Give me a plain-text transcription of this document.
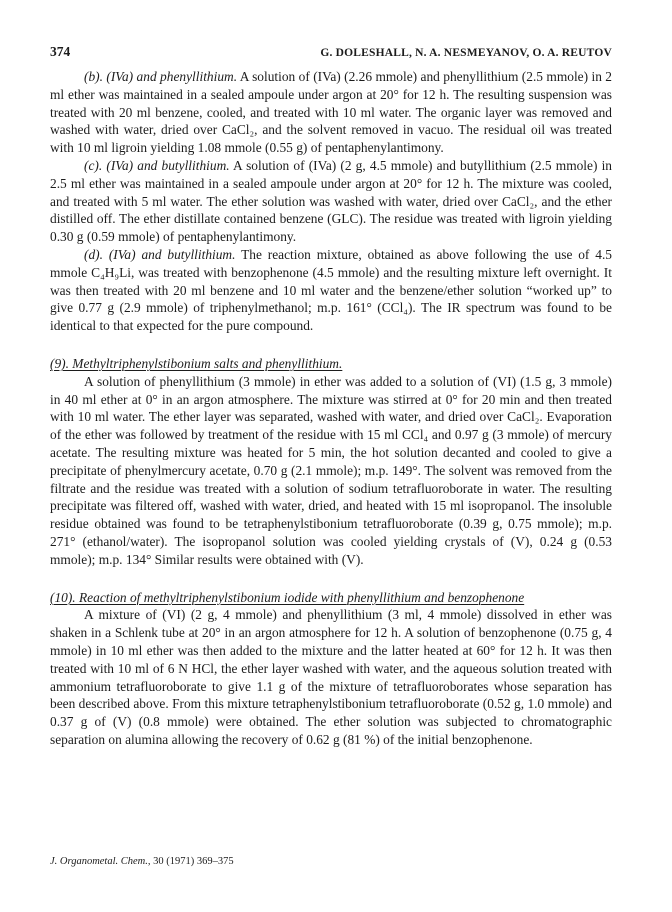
374	G. DOLESHALL, N. A. NESMEYANOV, O. A. REUTOV

(b). (IVa) and phenyllithium. A solution of (IVa) (2.26 mmole) and phenyllithium (2.5 mmole) in 2 ml ether was maintained in a sealed ampoule under argon at 20° for 12 h. The resulting suspension was treated with 20 ml benzene, cooled, and treated with 10 ml water. The organic layer was removed and washed with water, dried over CaCl₂, and the solvent removed in vacuo. The residual oil was treated with 10 ml ligroin yielding 1.08 mmole (0.55 g) of pentaphenylantimony.

(c). (IVa) and butyllithium. A solution of (IVa) (2 g, 4.5 mmole) and butyllithium (2.5 mmole) in 2.5 ml ether was maintained in a sealed ampoule under argon at 20° for 12 h. The mixture was cooled, and treated with 5 ml water. The ether solution was washed with water, dried over CaCl₂, and the ether distilled off. The ether distillate contained benzene (GLC). The residue was treated with ligroin yielding 0.30 g (0.59 mmole) of pentaphenylantimony.

(d). (IVa) and butyllithium. The reaction mixture, obtained as above following the use of 4.5 mmole C₄H₉Li, was treated with benzophenone (4.5 mmole) and the resulting mixture left overnight. It was then treated with 20 ml benzene and 10 ml water and the benzene/ether solution “worked up” to give 0.77 g (2.9 mmole) of triphenylmethanol; m.p. 161° (CCl₄). The IR spectrum was found to be identical to that expected for the pure compound.

(9). Methyltriphenylstibonium salts and phenyllithium.

A solution of phenyllithium (3 mmole) in ether was added to a solution of (VI) (1.5 g, 3 mmole) in 40 ml ether at 0° in an argon atmosphere. The mixture was stirred at 0° for 20 min and then treated with 10 ml water. The ether layer was separated, washed with water, and dried over CaCl₂. Evaporation of the ether was followed by treatment of the residue with 15 ml CCl₄ and 0.97 g (3 mmole) of mercury acetate. The resulting mixture was heated for 5 min, the hot solution decanted and cooled to give a precipitate of phenylmercury acetate, 0.70 g (2.1 mmole); m.p. 149°. The solvent was removed from the filtrate and the residue was treated with a solution of sodium tetrafluoroborate in water. The resulting precipitate was filtered off, washed with water, dried, and heated with 15 ml isopropanol. The insoluble residue obtained was found to be tetraphenylstibonium tetrafluoroborate (0.39 g, 0.75 mmole); m.p. 271° (ethanol/water). The isopropanol solution was cooled yielding crystals of (V), 0.24 g (0.53 mmole); m.p. 134° Similar results were obtained with (V).

(10). Reaction of methyltriphenylstibonium iodide with phenyllithium and benzophenone

A mixture of (VI) (2 g, 4 mmole) and phenyllithium (3 ml, 4 mmole) dissolved in ether was shaken in a Schlenk tube at 20° in an argon atmosphere for 12 h. A solution of benzophenone (0.75 g, 4 mmole) in 10 ml ether was then added to the mixture and the latter heated at 60° for 12 h. It was then treated with 10 ml of 6 N HCl, the ether layer washed with water, and the aqueous solution treated with ammonium tetrafluoroborate to give 1.1 g of the mixture of tetrafluoroborates whose separation has been described above. From this mixture tetraphenylstibonium tetrafluoroborate (0.52 g, 1.0 mmole) and 0.37 g of (V) (0.8 mmole) were obtained. The ether solution was subjected to chromatographic separation on alumina allowing the recovery of 0.62 g (81 %) of the initial benzophenone.

J. Organometal. Chem., 30 (1971) 369–375
